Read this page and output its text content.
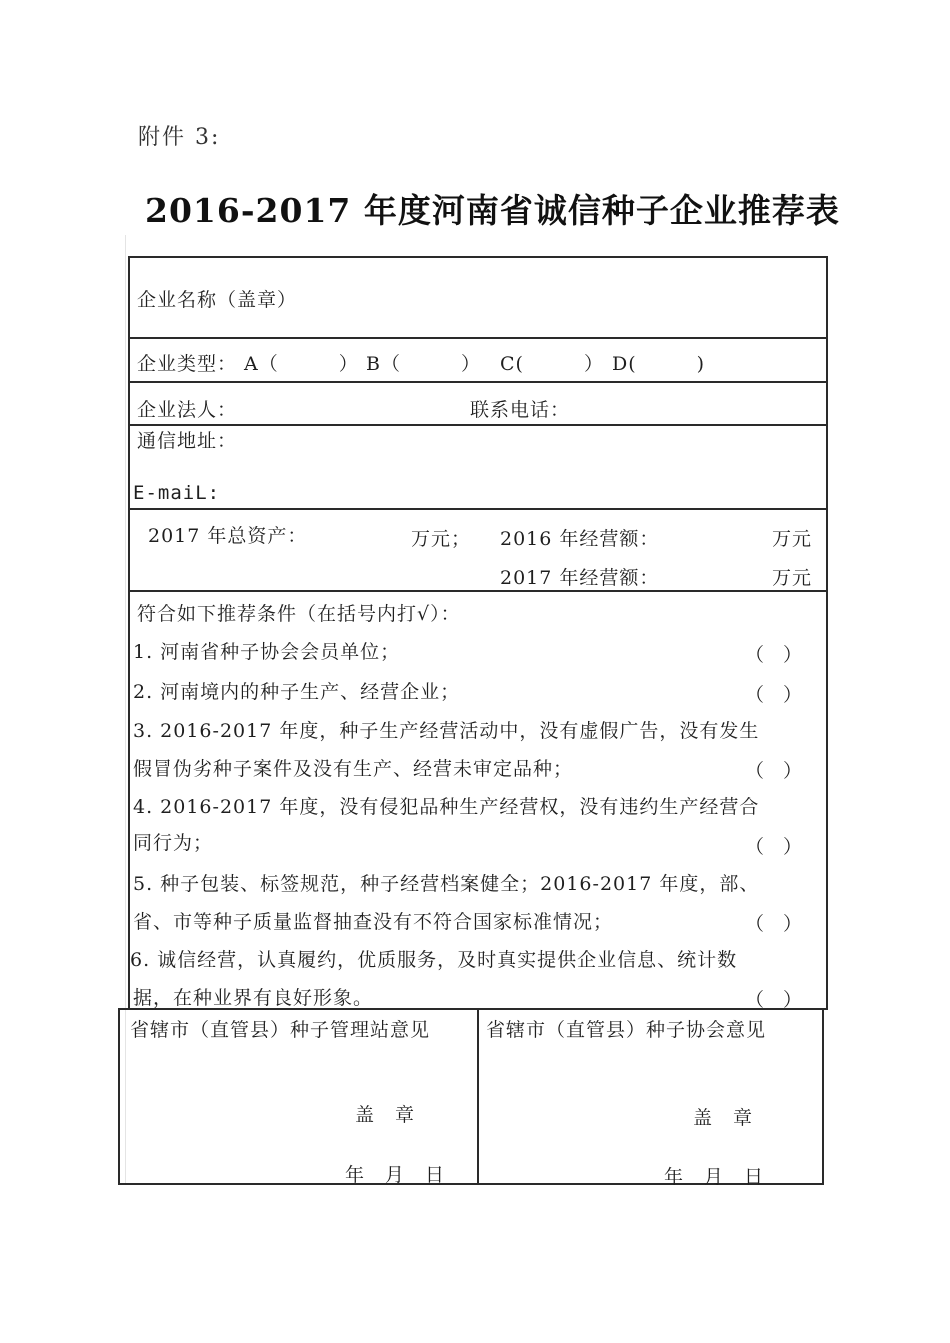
附件 3:
2016-2017 年度河南省诚信种子企业推荐表
企业名称（盖章）
企业类型： A（　　　） B（　　　） C(　　　） D(　　　)
企业法人：	联系电话：
通信地址：
E-maiL:
2017 年总资产：	万元； 2016 年经营额：	万元
2017 年经营额：	万元
符合如下推荐条件（在括号内打√）：
1. 河南省种子协会会员单位；	（　）
2. 河南境内的种子生产、经营企业；	（　）
3. 2016-2017 年度，种子生产经营活动中，没有虚假广告，没有发生
假冒伪劣种子案件及没有生产、经营未审定品种；	（　）
4. 2016-2017 年度，没有侵犯品种生产经营权，没有违约生产经营合
同行为；	（　）
5. 种子包装、标签规范，种子经营档案健全；2016-2017 年度，部、
省、市等种子质量监督抽查没有不符合国家标准情况；	（　）
6. 诚信经营，认真履约，优质服务，及时真实提供企业信息、统计数
据，在种业界有良好形象。	（　）
省辖市（直管县）种子管理站意见	省辖市（直管县）种子协会意见
盖　章	盖　章
年　月　日	年　月　日
